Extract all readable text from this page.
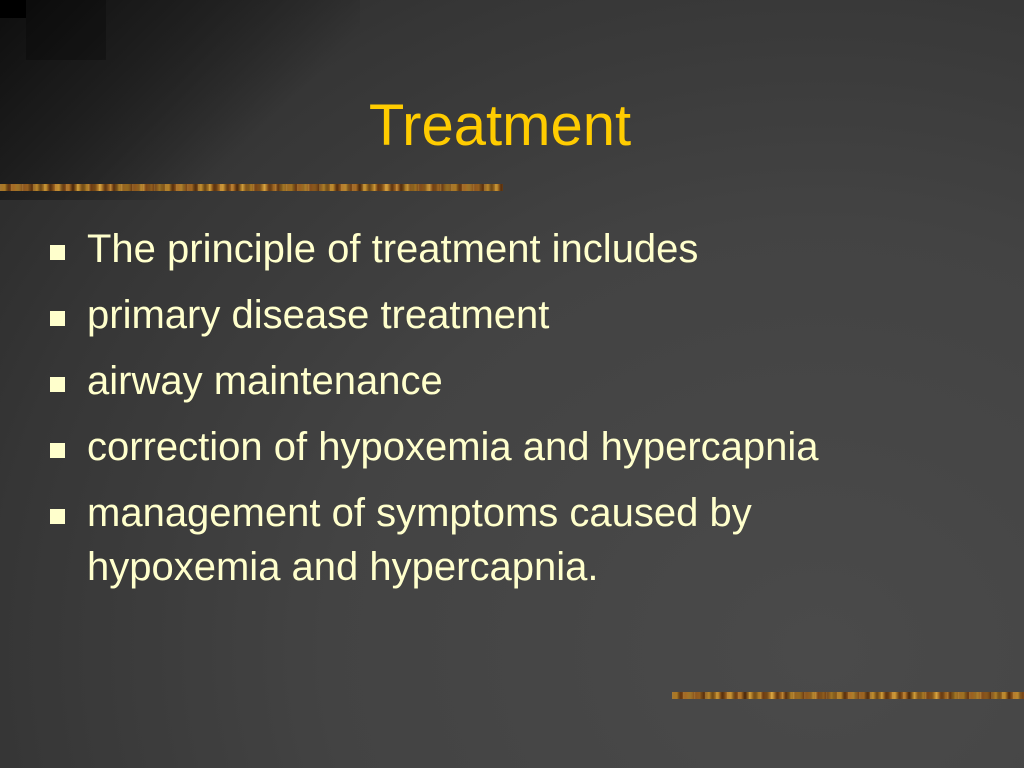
Treatment
The principle of treatment includes
primary disease treatment
airway maintenance
correction of hypoxemia and hypercapnia
management of symptoms caused by hypoxemia and hypercapnia.
